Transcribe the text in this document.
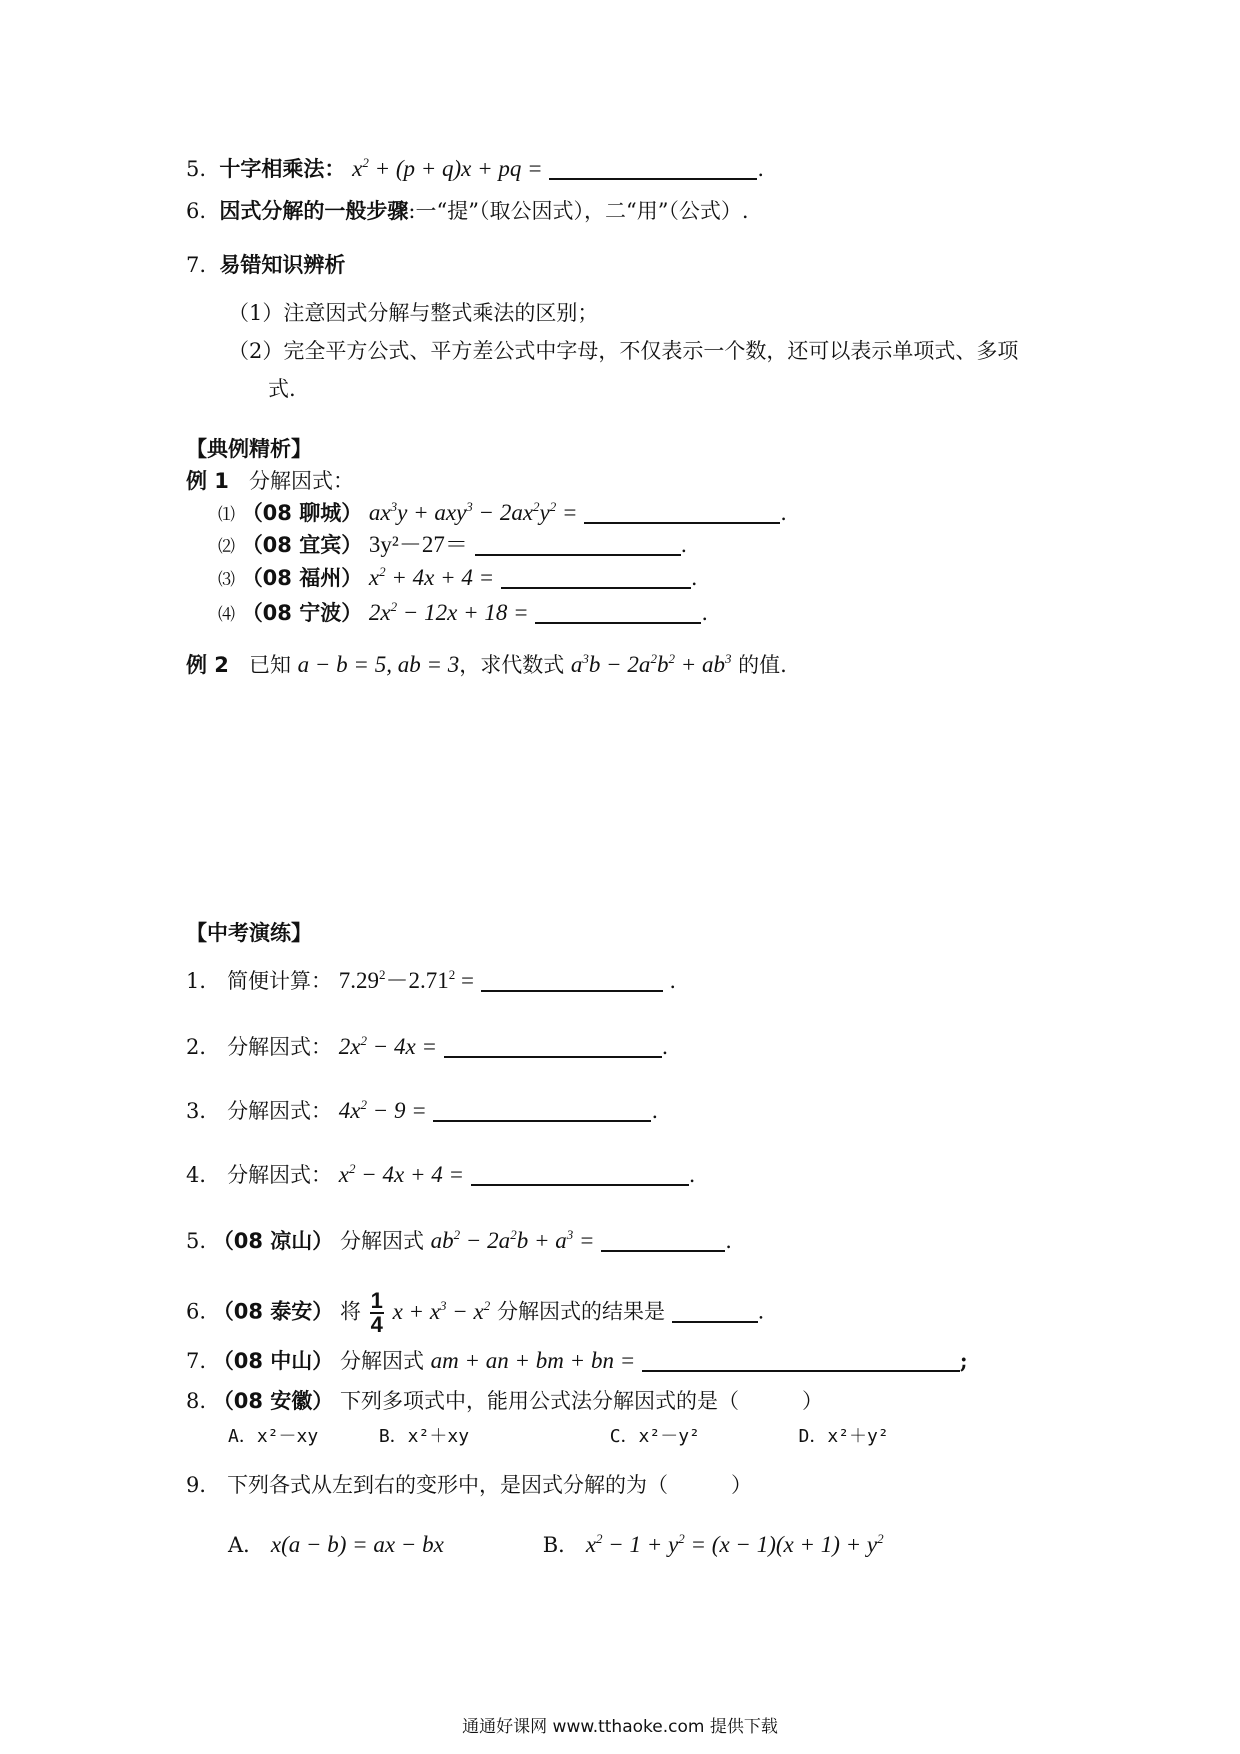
5. 十字相乘法： $x^2 + (p + q)x$ + pq =	.
6. 因式分解的一般步骤:一“提”（取公因式），二“用”（公式）.
7. 易错知识辨析
（1）注意因式分解与整式乘法的区别；
（2）完全平方公式、平方差公式中字母，不仅表示一个数，还可以表示单项式、多项
式.
【典例精析】
例 1 分解因式：
⑴ （08 聊城） $ax^3y + axy^3 - 2ax^2y^2$ =	.
⑵ （08 宜宾） 3y²－27＝	.
⑶ （08 福州） $x^2 + 4x + 4$ =	.
⑷ （08 宁波） $2x^2 - 12x + 18$ =	.
例 2 已知 a − b = 5, ab = 3，求代数式 $a^3b - 2a^2b^2 + ab^3$ 的值.
【中考演练】
1． 简便计算： $7.29^2-2.71^2$ =	.
2． 分解因式： $2x^2 - 4x$ =	.
3． 分解因式： $4x^2 - 9$ =	.
4． 分解因式： $x^2 - 4x + 4$ =	.
5. （08 凉山） 分解因式 $ab^2 - 2a^2b + a^3$ =	.
6. （08 泰安） 将 $\frac{1}{4}$ $x + x^3 - x^2$ 分解因式的结果是	.
7. （08 中山） 分解因式 am + an + bm + bn =	;
8. （08 安徽） 下列多项式中，能用公式法分解因式的是（　　　）
A．x²－xy	B．x²＋xy	C．x²－y²	D．x²＋y²
9． 下列各式从左到右的变形中，是因式分解的为（　　　）
A． x(a − b) = ax − bx	B． $x^2 - 1 + y^2 = (x - 1)(x + 1) + y^2$
通通好课网 www.tthaoke.com 提供下载
